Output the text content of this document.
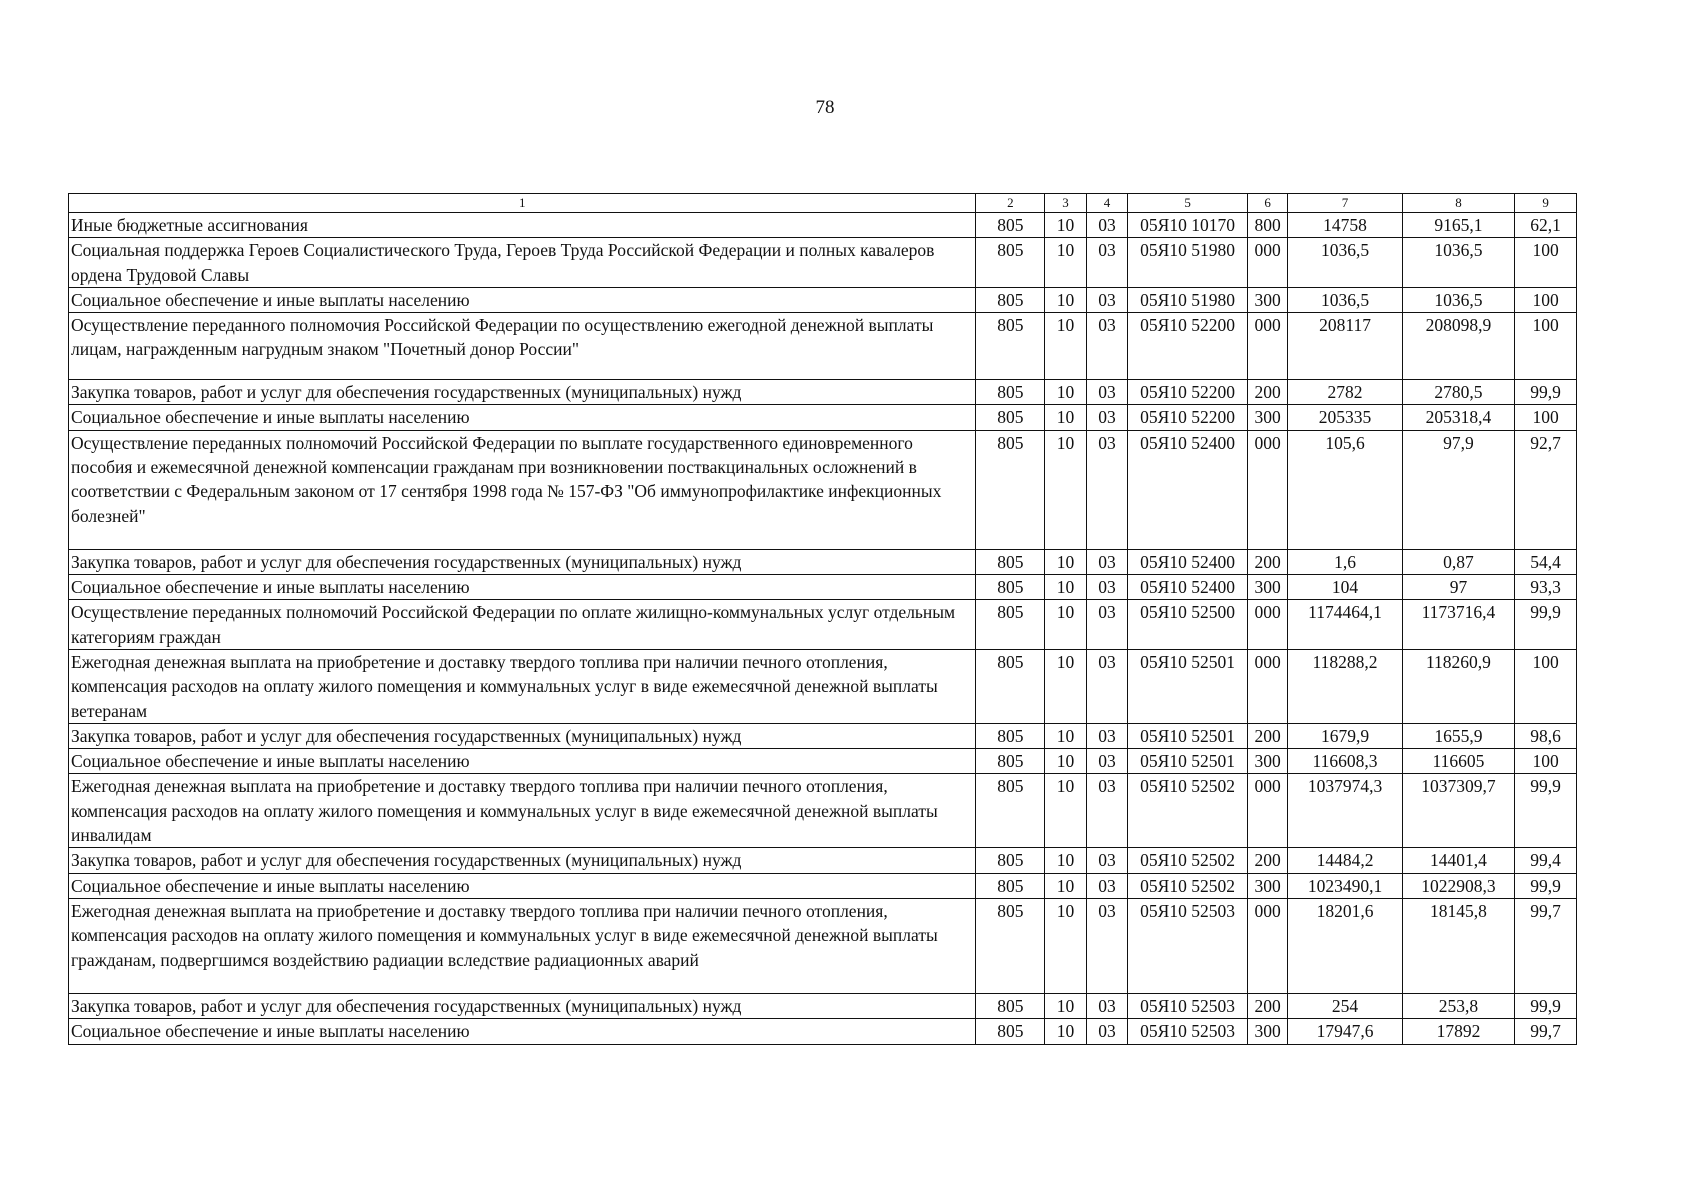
78
1	2	3	4	5	6	7	8	9
Иные бюджетные ассигнования	805	10	03	05Я10 10170	800	14758	9165,1	62,1
Социальная поддержка Героев Социалистического Труда, Героев Труда Российской Федерации и полных кавалеров ордена Трудовой Славы	805	10	03	05Я10 51980	000	1036,5	1036,5	100
Социальное обеспечение и иные выплаты населению	805	10	03	05Я10 51980	300	1036,5	1036,5	100
Осуществление переданного полномочия Российской Федерации по осуществлению ежегодной денежной выплаты лицам, награжденным нагрудным знаком "Почетный донор России"	805	10	03	05Я10 52200	000	208117	208098,9	100
Закупка товаров, работ и услуг для обеспечения государственных (муниципальных) нужд	805	10	03	05Я10 52200	200	2782	2780,5	99,9
Социальное обеспечение и иные выплаты населению	805	10	03	05Я10 52200	300	205335	205318,4	100
Осуществление переданных полномочий Российской Федерации по выплате государственного единовременного пособия и ежемесячной денежной компенсации гражданам при возникновении поствакцинальных осложнений в соответствии с Федеральным законом от 17 сентября 1998 года № 157-ФЗ "Об иммунопрофилактике инфекционных болезней"	805	10	03	05Я10 52400	000	105,6	97,9	92,7
Закупка товаров, работ и услуг для обеспечения государственных (муниципальных) нужд	805	10	03	05Я10 52400	200	1,6	0,87	54,4
Социальное обеспечение и иные выплаты населению	805	10	03	05Я10 52400	300	104	97	93,3
Осуществление переданных полномочий Российской Федерации по оплате жилищно-коммунальных услуг отдельным категориям граждан	805	10	03	05Я10 52500	000	1174464,1	1173716,4	99,9
Ежегодная денежная выплата на приобретение и доставку твердого топлива при наличии печного отопления, компенсация расходов на оплату жилого помещения и коммунальных услуг в виде ежемесячной денежной выплаты ветеранам	805	10	03	05Я10 52501	000	118288,2	118260,9	100
Закупка товаров, работ и услуг для обеспечения государственных (муниципальных) нужд	805	10	03	05Я10 52501	200	1679,9	1655,9	98,6
Социальное обеспечение и иные выплаты населению	805	10	03	05Я10 52501	300	116608,3	116605	100
Ежегодная денежная выплата на приобретение и доставку твердого топлива при наличии печного отопления, компенсация расходов на оплату жилого помещения и коммунальных услуг в виде ежемесячной денежной выплаты инвалидам	805	10	03	05Я10 52502	000	1037974,3	1037309,7	99,9
Закупка товаров, работ и услуг для обеспечения государственных (муниципальных) нужд	805	10	03	05Я10 52502	200	14484,2	14401,4	99,4
Социальное обеспечение и иные выплаты населению	805	10	03	05Я10 52502	300	1023490,1	1022908,3	99,9
Ежегодная денежная выплата на приобретение и доставку твердого топлива при наличии печного отопления, компенсация расходов на оплату жилого помещения и коммунальных услуг в виде ежемесячной денежной выплаты гражданам, подвергшимся воздействию радиации вследствие радиационных аварий	805	10	03	05Я10 52503	000	18201,6	18145,8	99,7
Закупка товаров, работ и услуг для обеспечения государственных (муниципальных) нужд	805	10	03	05Я10 52503	200	254	253,8	99,9
Социальное обеспечение и иные выплаты населению	805	10	03	05Я10 52503	300	17947,6	17892	99,7
